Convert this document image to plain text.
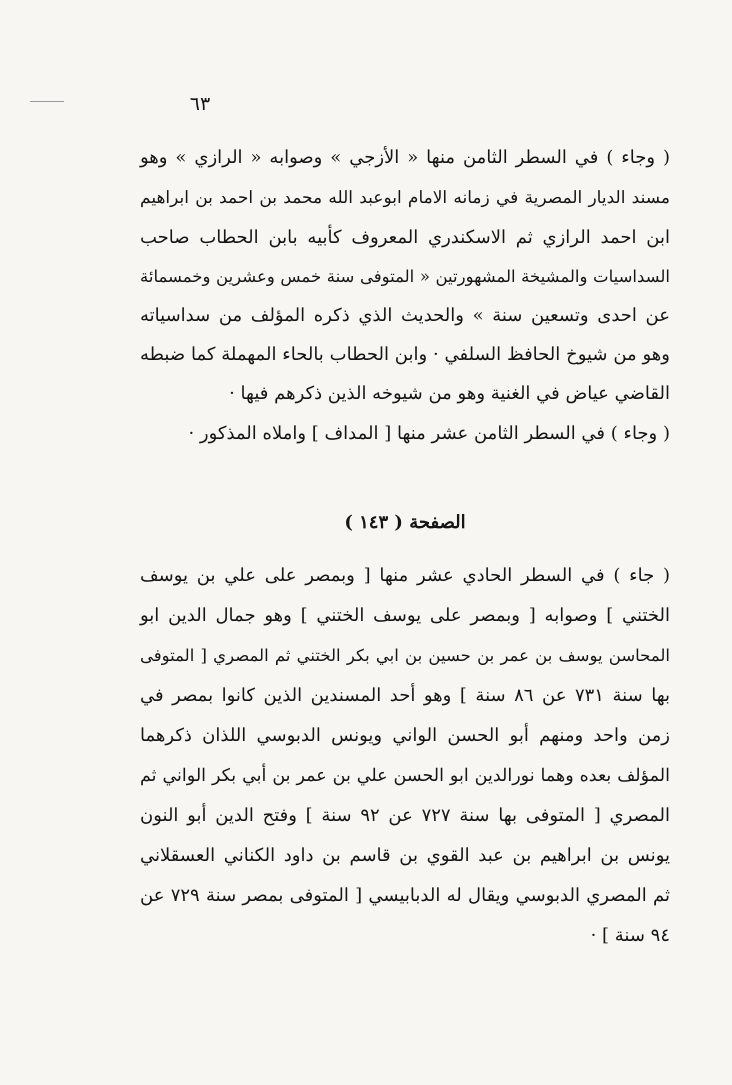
٦٣
( وجاء ) في السطر الثامن منها « الأزجي » وصوابه « الرازي » وهو
مسند الديار المصرية في زمانه الامام ابوعبد الله محمد بن احمد بن ابراهيم
ابن احمد الرازي ثم الاسكندري المعروف كأبيه بابن الحطاب صاحب
السداسيات والمشيخة المشهورتين « المتوفى سنة خمس وعشرين وخمسمائة
عن احدى وتسعين سنة » والحديث الذي ذكره المؤلف من سداسياته
وهو من شيوخ الحافظ السلفي · وابن الحطاب بالحاء المهملة كما ضبطه
القاضي عياض في الغنية وهو من شيوخه الذين ذكرهم فيها ·
( وجاء ) في السطر الثامن عشر منها [ المداف ] واملاه المذكور ·
الصفحة ( ١٤٣ )
( جاء ) في السطر الحادي عشر منها [ وبمصر على علي بن يوسف
الختني ] وصوابه [ وبمصر على يوسف الختني ] وهو جمال الدين ابو
المحاسن يوسف بن عمر بن حسين بن ابي بكر الختني ثم المصري [ المتوفى
بها سنة ٧٣١ عن ٨٦ سنة ] وهو أحد المسندين الذين كانوا بمصر في
زمن واحد ومنهم أبو الحسن الواني ويونس الدبوسي اللذان ذكرهما
المؤلف بعده وهما نورالدين ابو الحسن علي بن عمر بن أبي بكر الواني ثم
المصري [ المتوفى بها سنة ٧٢٧ عن ٩٢ سنة ] وفتح الدين أبو النون
يونس بن ابراهيم بن عبد القوي بن قاسم بن داود الكناني العسقلاني
ثم المصري الدبوسي ويقال له الدبابيسي [ المتوفى بمصر سنة ٧٢٩ عن
٩٤ سنة ] ·
